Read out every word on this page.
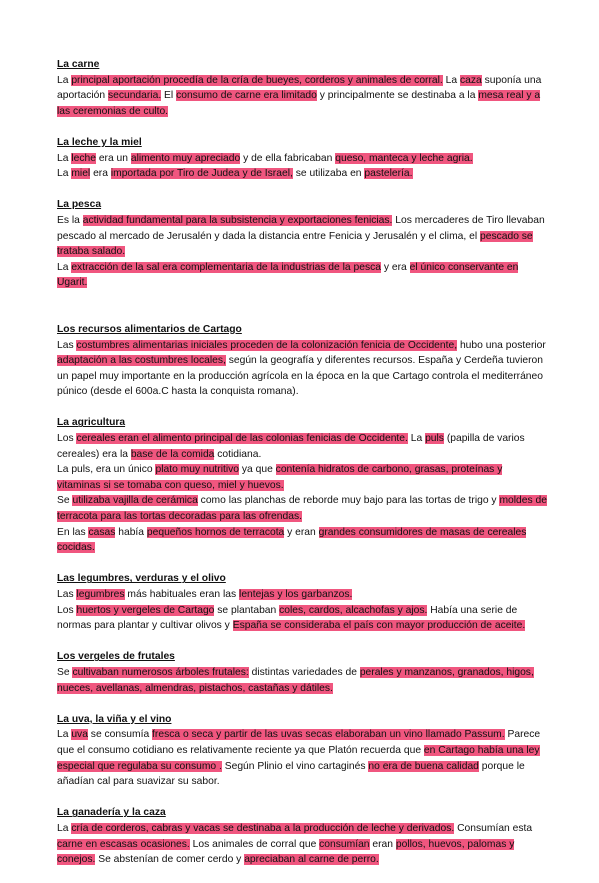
La carne

La principal aportación procedía de la cría de bueyes, corderos y animales de corral. La caza suponía una aportación secundaria. El consumo de carne era limitado y principalmente se destinaba a la mesa real y a las ceremonias de culto.

La leche y la miel

La leche era un alimento muy apreciado y de ella fabricaban queso, manteca y leche agria.

La miel era importada por Tiro de Judea y de Israel, se utilizaba en pastelería.

La pesca

Es la actividad fundamental para la subsistencia y exportaciones fenicias. Los mercaderes de Tiro llevaban pescado al mercado de Jerusalén y dada la distancia entre Fenicia y Jerusalén y el clima, el pescado se trataba salado.

La extracción de la sal era complementaria de la industrias de la pesca y era el único conservante en Ugarit.

Los recursos alimentarios de Cartago

Las costumbres alimentarias iniciales proceden de la colonización fenicia de Occidente, hubo una posterior adaptación a las costumbres locales, según la geografía y diferentes recursos. España y Cerdeña tuvieron un papel muy importante en la producción agrícola en la época en la que Cartago controla el mediterráneo púnico (desde el 600a.C hasta la conquista romana).

La agricultura

Los cereales eran el alimento principal de las colonias fenicias de Occidente. La puls (papilla de varios cereales) era la base de la comida cotidiana.

La puls, era un único plato muy nutritivo ya que contenía hidratos de carbono, grasas, proteínas y vitaminas si se tomaba con queso, miel y huevos.

Se utilizaba vajilla de cerámica como las planchas de reborde muy bajo para las tortas de trigo y moldes de terracota para las tortas decoradas para las ofrendas.

En las casas había pequeños hornos de terracota y eran grandes consumidores de masas de cereales cocidas.

Las legumbres, verduras y el olivo

Las legumbres más habituales eran las lentejas y los garbanzos.

Los huertos y vergeles de Cartago se plantaban coles, cardos, alcachofas y ajos. Había una serie de normas para plantar y cultivar olivos y España se consideraba el país con mayor producción de aceite.

Los vergeles de frutales

Se cultivaban numerosos árboles frutales: distintas variedades de perales y manzanos, granados, higos, nueces, avellanas, almendras, pistachos, castañas y dátiles.

La uva, la viña y el vino

La uva se consumía fresca o seca y partir de las uvas secas elaboraban un vino llamado Passum. Parece que el consumo cotidiano es relativamente reciente ya que Platón recuerda que en Cartago había una ley especial que regulaba su consumo . Según Plinio el vino cartaginés no era de buena calidad porque le añadían cal para suavizar su sabor.

La ganadería y la caza

La cría de corderos, cabras y vacas se destinaba a la producción de leche y derivados. Consumían esta carne en escasas ocasiones. Los animales de corral que consumían eran pollos, huevos, palomas y conejos. Se abstenían de comer cerdo y apreciaban al carne de perro.
